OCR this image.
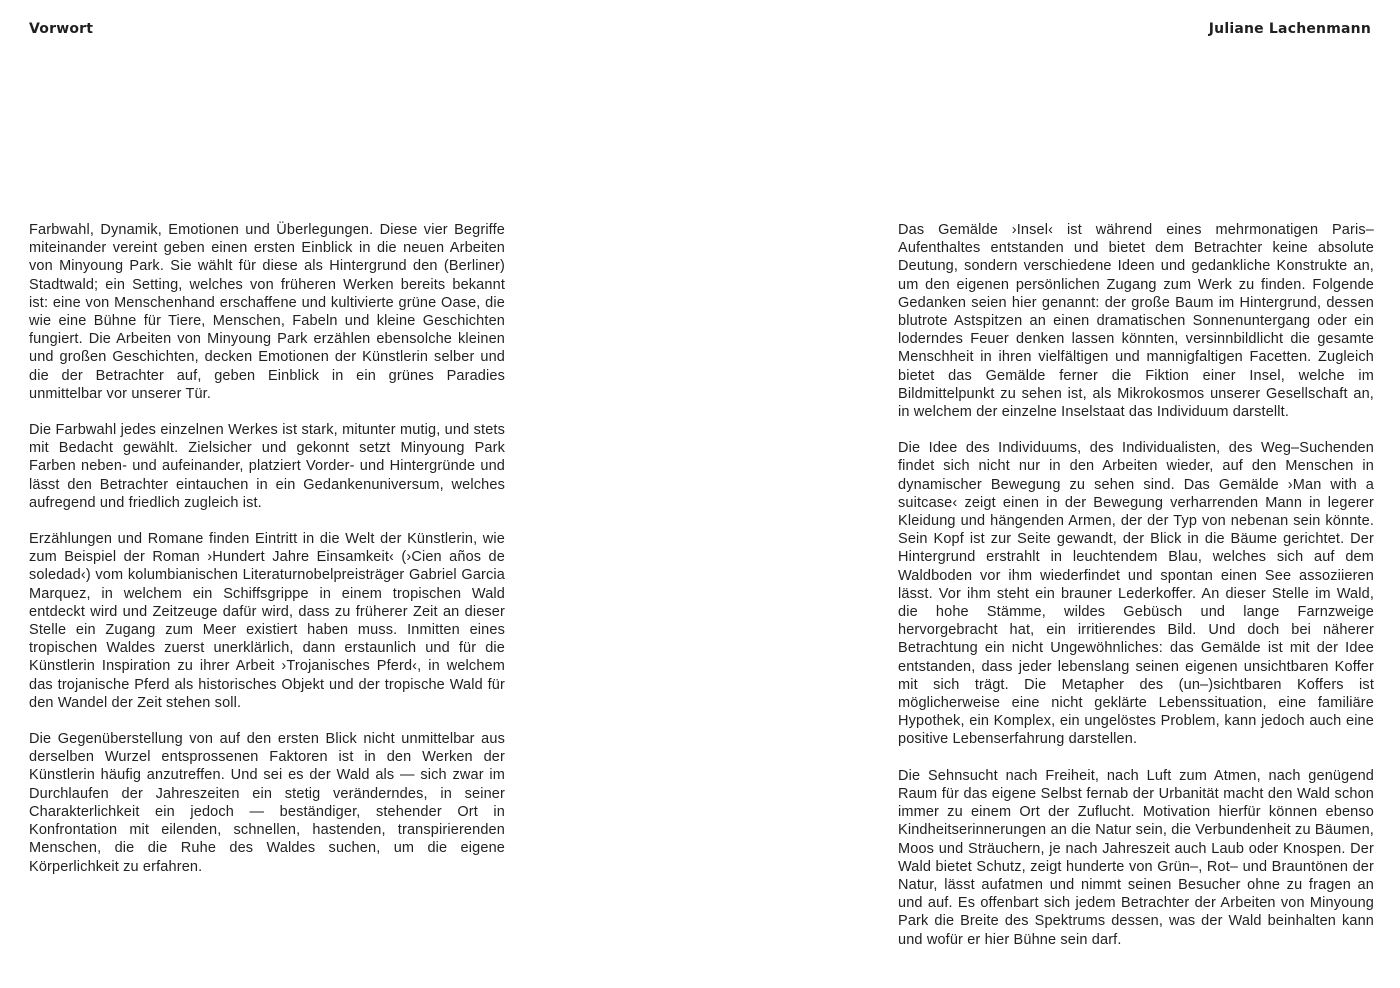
Vorwort	Juliane Lachenmann

Farbwahl, Dynamik, Emotionen und Überlegungen. Diese vier Begriffe miteinander vereint geben einen ersten Einblick in die neuen Arbeiten von Minyoung Park. Sie wählt für diese als Hintergrund den (Berliner) Stadtwald; ein Setting, welches von früheren Werken bereits bekannt ist: eine von Menschenhand erschaffene und kultivierte grüne Oase, die wie eine Bühne für Tiere, Menschen, Fabeln und kleine Geschichten fungiert. Die Arbeiten von Minyoung Park erzählen ebensolche kleinen und großen Geschichten, decken Emotionen der Künstlerin selber und die der Betrachter auf, geben Einblick in ein grünes Paradies unmittelbar vor unserer Tür.

Die Farbwahl jedes einzelnen Werkes ist stark, mitunter mutig, und stets mit Bedacht gewählt. Zielsicher und gekonnt setzt Minyoung Park Farben neben- und aufeinander, platziert Vorder- und Hintergründe und lässt den Betrachter eintauchen in ein Gedankenuniversum, welches aufregend und friedlich zugleich ist.

Erzählungen und Romane finden Eintritt in die Welt der Künstlerin, wie zum Beispiel der Roman ›Hundert Jahre Einsamkeit‹ (›Cien años de soledad‹) vom kolumbianischen Literaturnobelpreisträger Gabriel Garcia Marquez, in welchem ein Schiffsgrippe in einem tropischen Wald entdeckt wird und Zeitzeuge dafür wird, dass zu früherer Zeit an dieser Stelle ein Zugang zum Meer existiert haben muss. Inmitten eines tropischen Waldes zuerst unerklärlich, dann erstaunlich und für die Künstlerin Inspiration zu ihrer Arbeit ›Trojanisches Pferd‹, in welchem das trojanische Pferd als historisches Objekt und der tropische Wald für den Wandel der Zeit stehen soll.

Die Gegenüberstellung von auf den ersten Blick nicht unmittelbar aus derselben Wurzel entsprossenen Faktoren ist in den Werken der Künstlerin häufig anzutreffen. Und sei es der Wald als — sich zwar im Durchlaufen der Jahreszeiten ein stetig veränderndes, in seiner Charakterlichkeit ein jedoch — beständiger, stehender Ort in Konfrontation mit eilenden, schnellen, hastenden, transpirierenden Menschen, die die Ruhe des Waldes suchen, um die eigene Körperlichkeit zu erfahren.

Das Gemälde ›Insel‹ ist während eines mehrmonatigen Paris–Aufenthaltes entstanden und bietet dem Betrachter keine absolute Deutung, sondern verschiedene Ideen und gedankliche Konstrukte an, um den eigenen persönlichen Zugang zum Werk zu finden. Folgende Gedanken seien hier genannt: der große Baum im Hintergrund, dessen blutrote Astspitzen an einen dramatischen Sonnenuntergang oder ein loderndes Feuer denken lassen könnten, versinnbildlicht die gesamte Menschheit in ihren vielfältigen und mannigfaltigen Facetten. Zugleich bietet das Gemälde ferner die Fiktion einer Insel, welche im Bildmittelpunkt zu sehen ist, als Mikrokosmos unserer Gesellschaft an, in welchem der einzelne Inselstaat das Individuum darstellt.

Die Idee des Individuums, des Individualisten, des Weg–Suchenden findet sich nicht nur in den Arbeiten wieder, auf den Menschen in dynamischer Bewegung zu sehen sind. Das Gemälde ›Man with a suitcase‹ zeigt einen in der Bewegung verharrenden Mann in legerer Kleidung und hängenden Armen, der der Typ von nebenan sein könnte. Sein Kopf ist zur Seite gewandt, der Blick in die Bäume gerichtet. Der Hintergrund erstrahlt in leuchtendem Blau, welches sich auf dem Waldboden vor ihm wiederfindet und spontan einen See assoziieren lässt. Vor ihm steht ein brauner Lederkoffer. An dieser Stelle im Wald, die hohe Stämme, wildes Gebüsch und lange Farnzweige hervorgebracht hat, ein irritierendes Bild. Und doch bei näherer Betrachtung ein nicht Ungewöhnliches: das Gemälde ist mit der Idee entstanden, dass jeder lebenslang seinen eigenen unsichtbaren Koffer mit sich trägt. Die Metapher des (un–)sichtbaren Koffers ist möglicherweise eine nicht geklärte Lebenssituation, eine familiäre Hypothek, ein Komplex, ein ungelöstes Problem, kann jedoch auch eine positive Lebenserfahrung darstellen.

Die Sehnsucht nach Freiheit, nach Luft zum Atmen, nach genügend Raum für das eigene Selbst fernab der Urbanität macht den Wald schon immer zu einem Ort der Zuflucht. Motivation hierfür können ebenso Kindheitserinnerungen an die Natur sein, die Verbundenheit zu Bäumen, Moos und Sträuchern, je nach Jahreszeit auch Laub oder Knospen. Der Wald bietet Schutz, zeigt hunderte von Grün–, Rot– und Brauntönen der Natur, lässt aufatmen und nimmt seinen Besucher ohne zu fragen an und auf. Es offenbart sich jedem Betrachter der Arbeiten von Minyoung Park die Breite des Spektrums dessen, was der Wald beinhalten kann und wofür er hier Bühne sein darf.
